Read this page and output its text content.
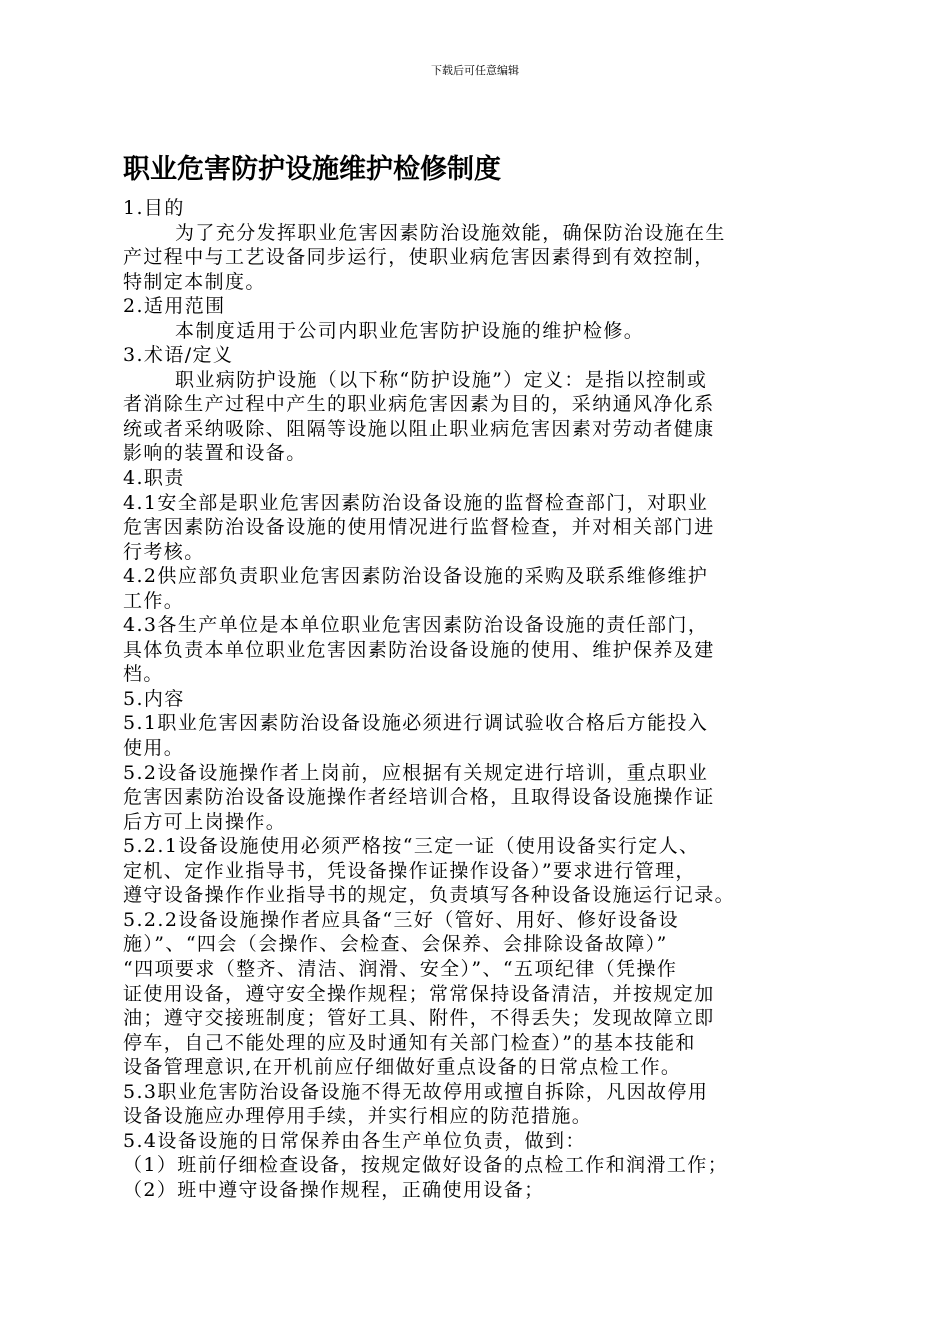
下载后可任意编辑
职业危害防护设施维护检修制度
1.目的
为了充分发挥职业危害因素防治设施效能，确保防治设施在生
产过程中与工艺设备同步运行，使职业病危害因素得到有效控制，
特制定本制度。
2.适用范围
本制度适用于公司内职业危害防护设施的维护检修。
3.术语/定义
职业病防护设施（以下称“防护设施”）定义：是指以控制或
者消除生产过程中产生的职业病危害因素为目的，采纳通风净化系
统或者采纳吸除、阻隔等设施以阻止职业病危害因素对劳动者健康
影响的装置和设备。
4.职责
4.1安全部是职业危害因素防治设备设施的监督检查部门，对职业
危害因素防治设备设施的使用情况进行监督检查，并对相关部门进
行考核。
4.2供应部负责职业危害因素防治设备设施的采购及联系维修维护
工作。
4.3各生产单位是本单位职业危害因素防治设备设施的责任部门，
具体负责本单位职业危害因素防治设备设施的使用、维护保养及建
档。
5.内容
5.1职业危害因素防治设备设施必须进行调试验收合格后方能投入
使用。
5.2设备设施操作者上岗前，应根据有关规定进行培训，重点职业
危害因素防治设备设施操作者经培训合格，且取得设备设施操作证
后方可上岗操作。
5.2.1设备设施使用必须严格按“三定一证（使用设备实行定人、
定机、定作业指导书，凭设备操作证操作设备）”要求进行管理，
遵守设备操作作业指导书的规定，负责填写各种设备设施运行记录。
5.2.2设备设施操作者应具备“三好（管好、用好、修好设备设
施）”、“四会（会操作、会检查、会保养、会排除设备故障）”
“四项要求（整齐、清洁、润滑、安全）”、“五项纪律（凭操作
证使用设备，遵守安全操作规程；常常保持设备清洁，并按规定加
油；遵守交接班制度；管好工具、附件，不得丢失；发现故障立即
停车，自己不能处理的应及时通知有关部门检查）”的基本技能和
设备管理意识,在开机前应仔细做好重点设备的日常点检工作。
5.3职业危害防治设备设施不得无故停用或擅自拆除，凡因故停用
设备设施应办理停用手续，并实行相应的防范措施。
5.4设备设施的日常保养由各生产单位负责，做到：
（1）班前仔细检查设备，按规定做好设备的点检工作和润滑工作；
（2）班中遵守设备操作规程，正确使用设备；
